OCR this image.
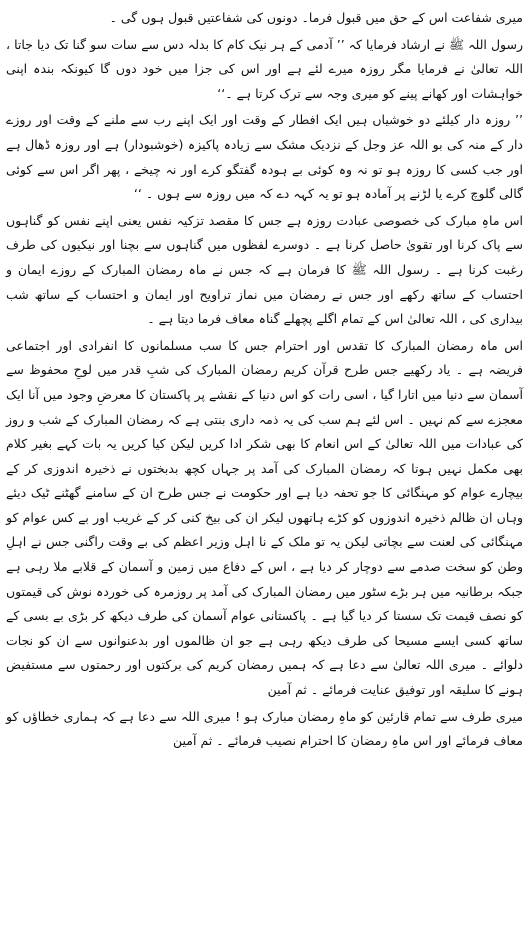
میری شفاعت اس کے حق میں قبول فرما۔ دونوں کی شفاعتیں قبول ہوں گی ۔

رسول اللہ ﷺ نے ارشاد فرمایا کہ ’’ آدمی کے ہر نیک کام کا بدلہ دس سے سات سو گنا تک دیا جاتا ، اللہ تعالیٰ نے فرمایا مگر روزہ میرے لئے ہے اور اس کی جزا میں خود دوں گا کیونکہ بندہ اپنی خواہشات اور کھانے پینے کو میری وجہ سے ترک کرتا ہے ۔‘‘

’’ روزہ دار کیلئے دو خوشیاں ہیں ایک افطار کے وقت اور ایک اپنے رب سے ملنے کے وقت اور روزے دار کے منہ کی بو اللہ عز وجل کے نزدیک مشک سے زیادہ پاکیزہ (خوشبودار) ہے اور روزہ ڈھال ہے اور جب کسی کا روزہ ہو تو نہ وہ کوئی بے ہودہ گفتگو کرے اور نہ چیخے ، پھر اگر اس سے کوئی گالی گلوچ کرے یا لڑنے پر آمادہ ہو تو یہ کہہ دے کہ میں روزہ سے ہوں ۔ ‘‘

اس ماہِ مبارک کی خصوصی عبادت روزہ ہے جس کا مقصد تزکیہ نفس یعنی اپنے نفس کو گناہوں سے پاک کرنا اور تقویٰ حاصل کرنا ہے ۔ دوسرے لفظوں میں گناہوں سے بچنا اور نیکیوں کی طرف رغبت کرنا ہے ۔ رسول اللہ ﷺ کا فرمان ہے کہ جس نے ماہ رمضان المبارک کے روزے ایمان و احتساب کے ساتھ رکھے اور جس نے رمضان میں نماز تراویح اور ایمان و احتساب کے ساتھ شب بیداری کی ، اللہ تعالیٰ اس کے تمام اگلے پچھلے گناہ معاف فرما دیتا ہے ۔

اس ماہ رمضان المبارک کا تقدس اور احترام جس کا سب مسلمانوں کا انفرادی اور اجتماعی فریضہ ہے ۔ یاد رکھیے جس طرح قرآن کریم رمضان المبارک کی شبِ قدر میں لوحِ محفوظ سے آسمان سے دنیا میں اتارا گیا ، اسی رات کو اس دنیا کے نقشے پر پاکستان کا معرضِ وجود میں آنا ایک معجزے سے کم نہیں ۔ اس لئے ہم سب کی یہ ذمہ داری بنتی ہے کہ رمضان المبارک کے شب و روز کی عبادات میں اللہ تعالیٰ کے اس انعام کا بھی شکر ادا کریں لیکن کیا کریں یہ بات کہے بغیر کلام بھی مکمل نہیں ہوتا کہ رمضان المبارک کی آمد پر جہاں کچھ بدبختوں نے ذخیرہ اندوزی کر کے بیچارے عوام کو مہنگائی کا جو تحفہ دیا ہے اور حکومت نے جس طرح ان کے سامنے گھٹنے ٹیک دیئے وہاں ان ظالم ذخیرہ اندوزوں کو کڑے ہاتھوں لیکر ان کی بیخ کنی کر کے غریب اور بے کس عوام کو مہنگائی کی لعنت سے بچاتی لیکن یہ تو ملک کے نا اہل وزیر اعظم کی بے وقت راگنی جس نے اہلِ وطن کو سخت صدمے سے دوچار کر دیا ہے ، اس کے دفاع میں زمین و آسمان کے قلابے ملا رہی ہے جبکہ برطانیہ میں ہر بڑے سٹور میں رمضان المبارک کی آمد پر روزمرہ کی خوردہ نوش کی قیمتوں کو نصف قیمت تک سستا کر دیا گیا ہے ۔ پاکستانی عوام آسمان کی طرف دیکھ کر بڑی بے بسی کے ساتھ کسی ایسے مسیحا کی طرف دیکھ رہی ہے جو ان ظالموں اور بدعنوانوں سے ان کو نجات دلوائے ۔ میری اللہ تعالیٰ سے دعا ہے کہ ہمیں رمضان کریم کی برکتوں اور رحمتوں سے مستفیض ہونے کا سلیقہ اور توفیق عنایت فرمائے ۔ ثم آمین

میری طرف سے تمام قارئین کو ماہِ رمضان مبارک ہو ! میری اللہ سے دعا ہے کہ ہماری خطاؤں کو معاف فرمائے اور اس ماہِ رمضان کا احترام نصیب فرمائے ۔ ثم آمین
